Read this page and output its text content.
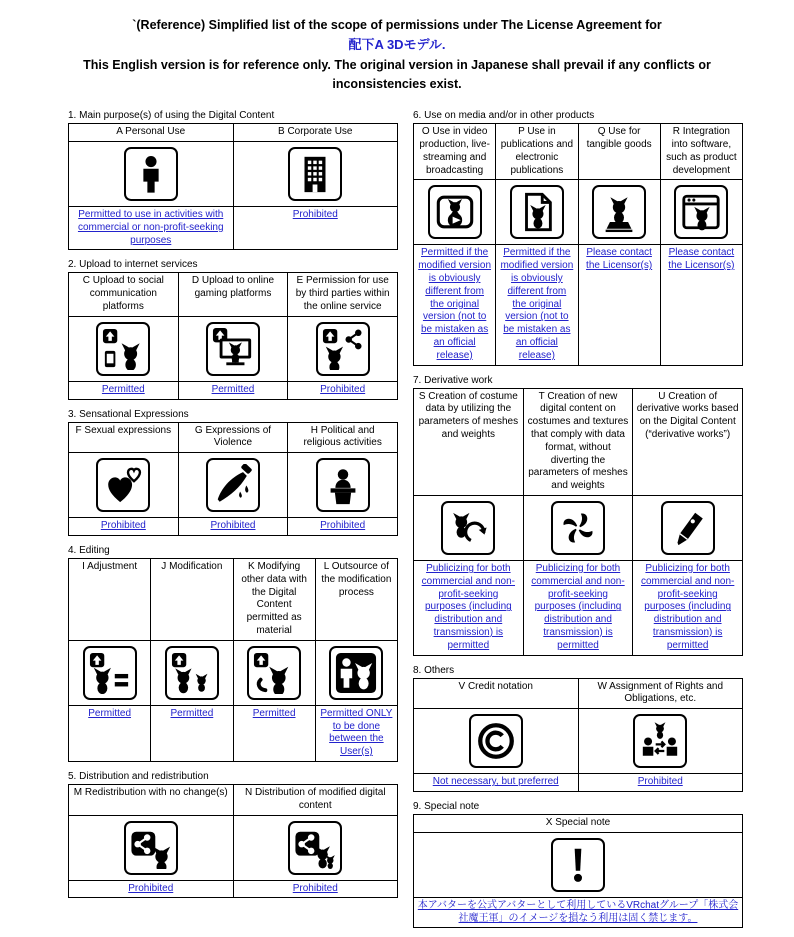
`(Reference) Simplified list of the scope of permissions under The License Agreement for
配下A 3Dモデル.
This English version is for reference only. The original version in Japanese shall prevail if any conflicts or inconsistencies exist.
1. Main purpose(s) of using the Digital Content
A Personal Use	B Corporate Use

Permitted to use in activities with commercial or non-profit-seeking purposes	Prohibited
2. Upload to internet services
C Upload to social communication platforms	D Upload to online gaming platforms	E Permission for use by third parties within the online service

Permitted	Permitted	Prohibited
3. Sensational Expressions
F Sexual expressions	G Expressions of Violence	H Political and religious activities

Prohibited	Prohibited	Prohibited
4. Editing
I Adjustment	J Modification	K Modifying other data with the Digital Content permitted as material	L Outsource of the modification process

Permitted	Permitted	Permitted	Permitted ONLY to be done between the User(s)
5. Distribution and redistribution
M Redistribution with no change(s)	N Distribution of modified digital content

Prohibited	Prohibited
6. Use on media and/or in other products
O Use in video production, live-streaming and broadcasting	P Use in publications and electronic publications	Q Use for tangible goods	R Integration into software, such as product development

Permitted if the modified version is obviously different from the original version (not to be mistaken as an official release)	Permitted if the modified version is obviously different from the original version (not to be mistaken as an official release)	Please contact the Licensor(s)	Please contact the Licensor(s)
7. Derivative work
S Creation of costume data by utilizing the parameters of meshes and weights	T Creation of new digital content on costumes and textures that comply with data format, without diverting the parameters of meshes and weights	U Creation of derivative works based on the Digital Content (“derivative works”)

Publicizing for both commercial and non-profit-seeking purposes (including distribution and transmission) is permitted	Publicizing for both commercial and non-profit-seeking purposes (including distribution and transmission) is permitted	Publicizing for both commercial and non-profit-seeking purposes (including distribution and transmission) is permitted
8. Others
V Credit notation	W Assignment of Rights and Obligations, etc.

Not necessary, but preferred	Prohibited
9. Special note
X Special note

本アバターを公式アバターとして利用しているVRchatグループ「株式会社魔王軍」のイメージを損なう利用は固く禁じます。
